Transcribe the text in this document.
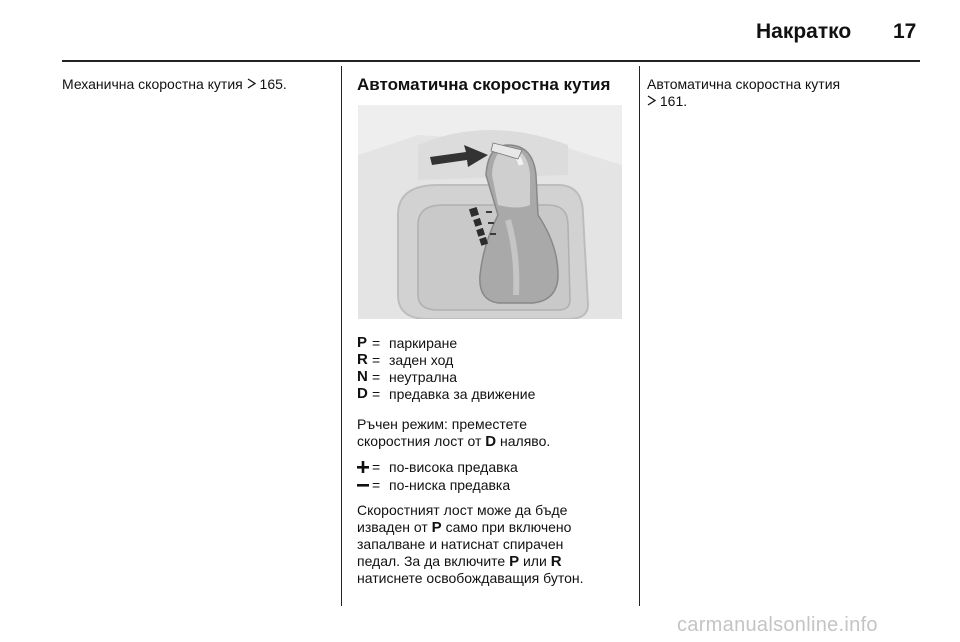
Накратко 17
Механична скоростна кутия 165.	Автоматична скоростна кутия
P = паркиране
R = заден ход
N = неутрална
D = предавка за движение
Ръчен режим: преместете
скоростния лост от D наляво.
= по-висока предавка
= по-ниска предавка
Скоростният лост може да бъде
изваден от P само при включено
запалване и натиснат спирачен
педал. За да включите P или R
натиснете освобождаващия бутон.
Автоматична скоростна кутия
161.
carmanualsonline.info
